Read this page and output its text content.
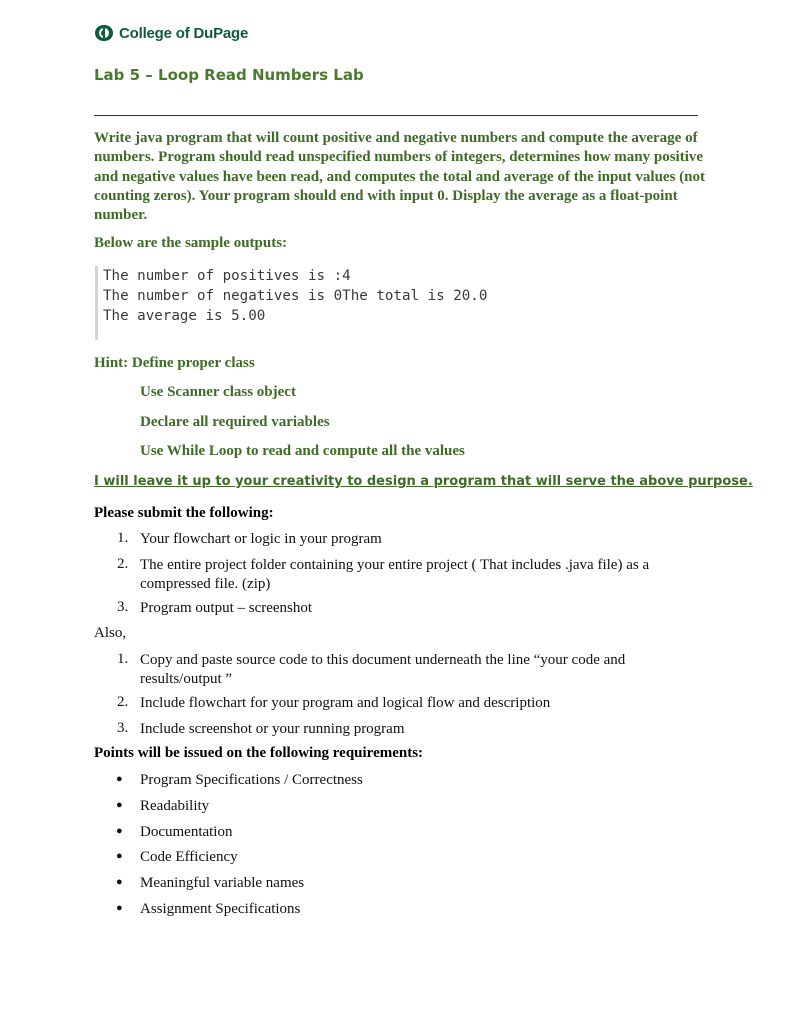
College of DuPage
Lab 5 – Loop Read Numbers Lab
Write java program that will count positive and negative numbers and compute the average of numbers. Program should read unspecified numbers of integers, determines how many positive and negative values have been read, and computes the total and average of the input values (not counting zeros). Your program should end with input 0. Display the average as a float-point number.
Below are the sample outputs:
The number of positives is :4
The number of negatives is 0The total is 20.0
The average is 5.00
Hint: Define proper class
Use Scanner class object
Declare all required variables
Use While Loop to read and compute all the values
I will leave it up to your creativity to design a program that will serve the above purpose.
Please submit the following:
1. Your flowchart or logic in your program
2. The entire project folder containing your entire project ( That includes .java file) as a compressed file. (zip)
3. Program output – screenshot
Also,
1. Copy and paste source code to this document underneath the line “your code and results/output ”
2. Include flowchart for your program and logical flow and description
3. Include screenshot or your running program
Points will be issued on the following requirements:
● Program Specifications / Correctness
● Readability
● Documentation
● Code Efficiency
● Meaningful variable names
● Assignment Specifications
